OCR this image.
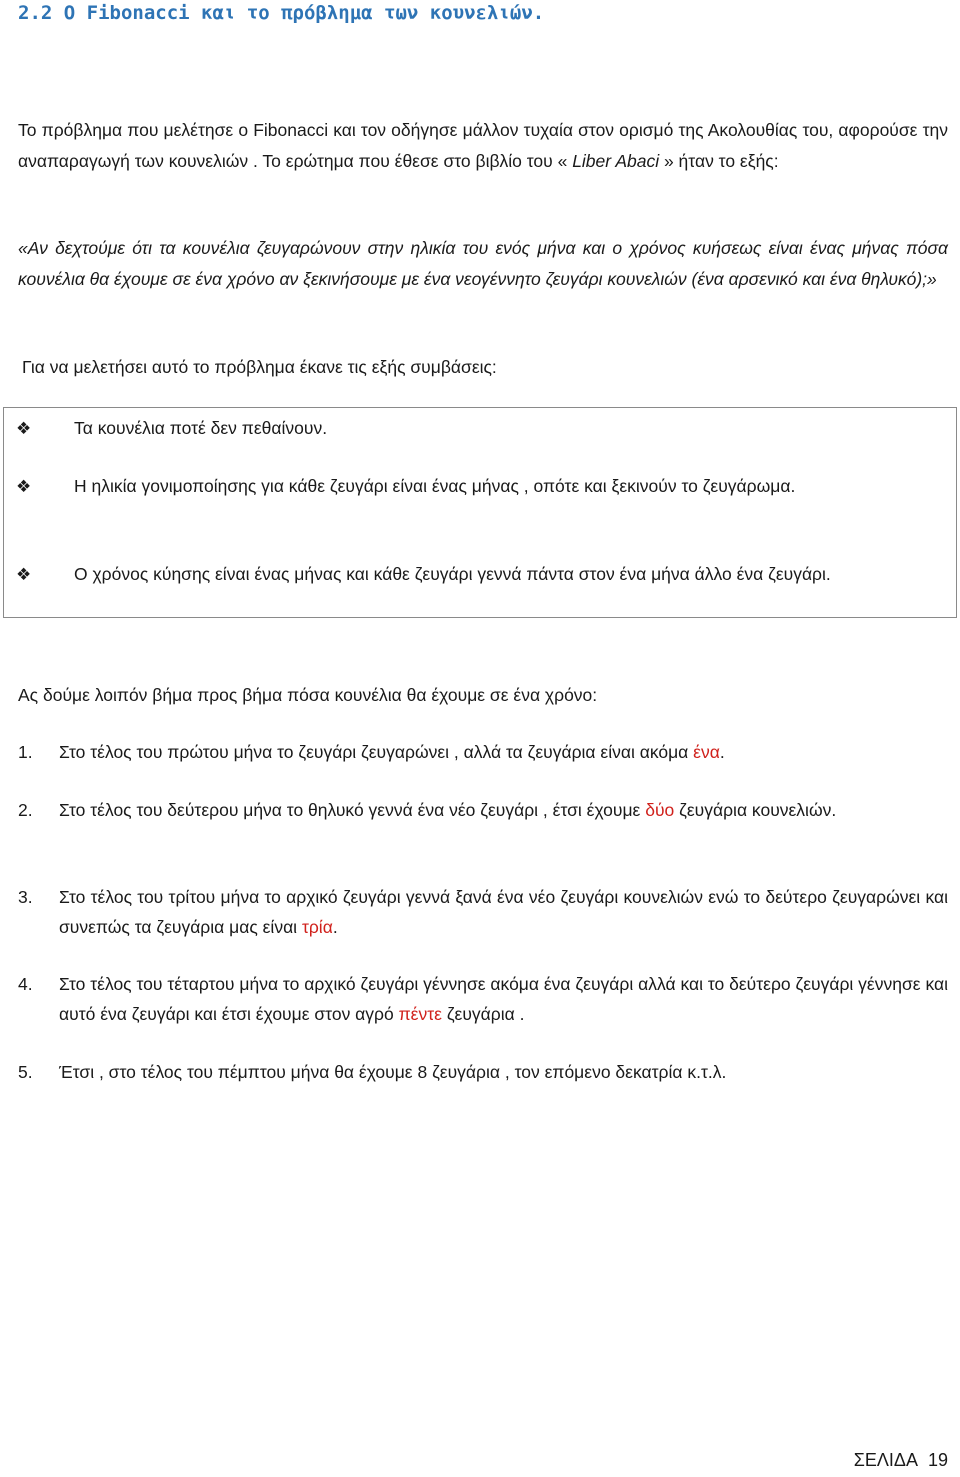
2.2 Ο Fibonacci και το πρόβλημα των κουνελιών.

Το πρόβλημα που μελέτησε ο Fibonacci και τον οδήγησε μάλλον τυχαία στον ορισμό της Ακολουθίας του, αφορούσε την αναπαραγωγή των κουνελιών . Το ερώτημα που έθεσε στο βιβλίο του « Liber Abaci » ήταν το εξής:

«Αν δεχτούμε ότι τα κουνέλια ζευγαρώνουν στην ηλικία του ενός μήνα και ο χρόνος κυήσεως είναι ένας μήνας πόσα κουνέλια θα έχουμε σε ένα χρόνο αν ξεκινήσουμε με ένα νεογέννητο ζευγάρι κουνελιών (ένα αρσενικό και ένα θηλυκό);»

Για να μελετήσει αυτό το πρόβλημα έκανε τις εξής συμβάσεις:

❖ Τα κουνέλια ποτέ δεν πεθαίνουν.

❖ Η ηλικία γονιμοποίησης για κάθε ζευγάρι είναι ένας μήνας , οπότε και ξεκινούν το ζευγάρωμα.

❖ Ο χρόνος κύησης είναι ένας μήνας και κάθε ζευγάρι γεννά πάντα στον ένα μήνα άλλο ένα ζευγάρι.

Ας δούμε λοιπόν βήμα προς βήμα πόσα κουνέλια θα έχουμε σε ένα χρόνο:

1. Στο τέλος του πρώτου μήνα το ζευγάρι ζευγαρώνει , αλλά τα ζευγάρια είναι ακόμα ένα.

2. Στο τέλος του δεύτερου μήνα το θηλυκό γεννά ένα νέο ζευγάρι , έτσι έχουμε δύο ζευγάρια κουνελιών.

3. Στο τέλος του τρίτου μήνα το αρχικό ζευγάρι γεννά ξανά ένα νέο ζευγάρι κουνελιών ενώ το δεύτερο ζευγαρώνει και συνεπώς τα ζευγάρια μας είναι τρία.

4. Στο τέλος του τέταρτου μήνα το αρχικό ζευγάρι γέννησε ακόμα ένα ζευγάρι αλλά και το δεύτερο ζευγάρι γέννησε και αυτό ένα ζευγάρι και έτσι έχουμε στον αγρό πέντε ζευγάρια .

5. Έτσι , στο τέλος του πέμπτου μήνα θα έχουμε 8 ζευγάρια , τον επόμενο δεκατρία κ.τ.λ.

ΣΕΛΙΔΑ 19
